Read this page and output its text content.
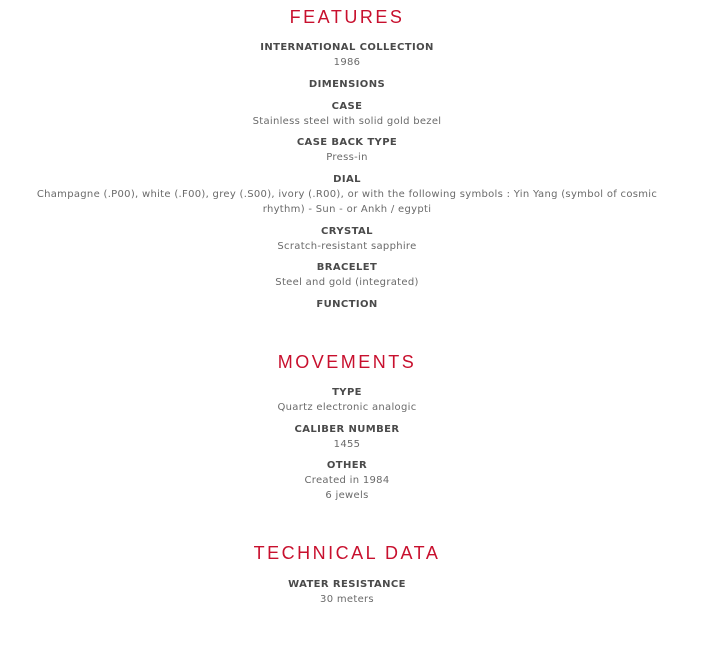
FEATURES
INTERNATIONAL COLLECTION
1986
DIMENSIONS
CASE
Stainless steel with solid gold bezel
CASE BACK TYPE
Press-in
DIAL
Champagne (.P00), white (.F00), grey (.S00), ivory (.R00), or with the following symbols : Yin Yang (symbol of cosmic rhythm) - Sun - or Ankh / egypti
CRYSTAL
Scratch-resistant sapphire
BRACELET
Steel and gold (integrated)
FUNCTION
MOVEMENTS
TYPE
Quartz electronic analogic
CALIBER NUMBER
1455
OTHER
Created in 1984
6 jewels
TECHNICAL DATA
WATER RESISTANCE
30 meters
